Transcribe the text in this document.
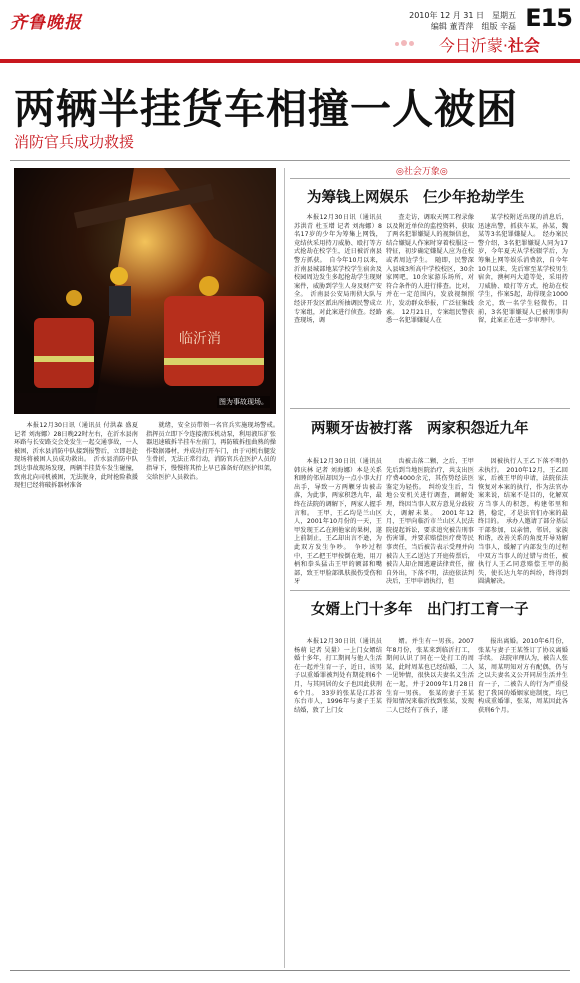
齐鲁晚报	2010年 12 月 31 日　星期五
编辑 董青萍　组版 辛磊 E15
今日沂蒙·社会
两辆半挂货车相撞一人被困
消防官兵成功救援
临沂消
图为事故现场。

本报12月30日讯（通讯员 付洪森 盛夏 记者 刘海娜）28日晚22时左右，在沂水县南环路与长安路交会处发生一起交通事故，一人被困，沂水县消防中队接到报警后，立即赶赴现场将被困人员成功救出。　沂水县消防中队到达事故现场发现，两辆半挂货车发生碰撞，致南北向司机被困，无法脱身，此时抢险救援现但已经将破拆器材准备

就绪，安全员带领一名官兵实施现场警戒。　指挥员立即下令连接液压机动泵，利用液压扩张器迅速破拆半挂车左前门，再防破拆扭曲熟的操作数据器材，并成功打开车门，由于司机右腿发生骨折，无法正常行动，消防官兵在医护人员的指导下，慢慢将其抬上早已准备好的医护担架，交给医护人员救治。

◎社会万象◎
为筹钱上网娱乐　仨少年抢劫学生

本报12月30日讯（通讯员 苏洪青 杜玉增 记者 刘海娜）8名17岁的少年为筹集上网钱，竟结伙采用持刀威胁、殴打等方式抢劫在校学生，近日被沂南县警方抓获。　自今年10月以来，沂南县城部地某学校学生宿舍及校园周边发生多起抢劫学生现财案件，威胁到学生人身及财产安全。　沂南县公安局刑侦大队与经济开发区派出所抽调民警成立专案组，对此案进行侦查。经路查现场，调

查走访，调取天网工程录像以及附近单位的监控资料，获取了两名犯罪嫌疑人的视频信息，结合嫌疑人作案时穿着校服这一特征，初步确定嫌疑人应为在校或者周边学生。　随即，民警深入县城3所高中学校校区，30余家网吧，10余家游乐场所，对符合条件的人进行排查。比对，并在一定范围内，发放视频照片，发动群众举报，广泛征集线索。　12月21日，专案组民警获悉一名犯罪嫌疑人在

某学校附近出现的消息后，迅速出警，抓获车某，孙某，魏某等3名犯罪嫌疑人。　经办案民警介绍，3名犯罪嫌疑人同为17岁，今年夏天从学校辍学后，为筹集上网等娱乐消费款，自今年10月以来，先后窜至某学校男生宿舍，澳柯玛大道等处，采用持刀威胁、殴打等方式，抢劫在校学生，作案5起，劫得现金1000余元，致一名学生轻微伤，目前，3名犯罪嫌疑人已被刑事拘留，此案正在进一步审理中。

两颗牙齿被打落　两家积怨近九年

本报12月30日讯（通讯员 韩庆林 记者 刘海娜）本是关系和睦的邻居却因为一点小事大打出手，导致一方两颗牙齿被击落，为此事，两家积怨九年，最终在法院的调解下，两家人握手言和。　王甲，王乙均是兰山区人，2001年10月份的一天，王甲发现王乙在割他家的果树，遂上前制止，王乙却出言不逊，为此双方发生争吵。　争吵过程中，王乙把王甲按倒在地，用刀柄和拳头猛击王甲的额部和嘴部，致王甲脸部肌肤损伤受伤和牙

齿被击落二颗，之后，王甲先后到当地医院治疗，共支出医疗费4000余元，其伤势经法医鉴定为轻伤。　纠纷发生后，当地公安机关进行调查，调解处理，终因当事人双方意见分歧较大，调解未果。　2001年12月，王甲向临沂市兰山区人民法院提起诉讼，要求追究被告刑事伤害罪，并要求赔偿医疗费等民事责任，当后被告表示受理并向被告人王乙送达了开庭传票后，被告人却企图逃避法律责任，擅自外出，下落不明，法庭依法判决后，王甲申请执行，但

因被执行人王乙下落不明仍未执行。　2010年12月，王乙回家，后被王甲的申请，法院依法恢复对本案的执行，作为法官办案来说，结案不是目的，化解双方当事人的积怨，构建邻里和谐，稳定，才是法官们办案的最终目的。　承办人邀请了部分基层干部参加，以亲情，邻居，家族和谐，改善关系的角度开导劝解当事人，缓解了内部发生的过程中双方当事人的过错与责任，被执行人王乙同意赔偿王甲的损失，使长达九年的纠纷，终得到圆满解决。

女婿上门十多年　出门打工育一子

本报12月30日讯（通讯员 杨萌 记者 吴量）一上门女婿结婚十多年，打工期间与他人生活在一起并生育一子，近日，该男子以重婚罪被判处有期徒刑6个月，与其同居的女子也因此获刑6个月。　33岁的张某是江苏省东台市人，1996年与妻子王某结婚，敦了上门女

婿。并生有一男孩。2007年8月份，张某来到临沂打工，期间认识了同在一处打工的周某，此时周某也已经结婚，二人一见钟情，很快以夫妻名义生活在一起，并于2009年1月28日生育一男孩。　张某的妻子王某得知情况来临沂找到张某，发现二人已经有了孩子，遂

报出离婚。2010年6月份，张某与妻子王某签订了协议离婚手续。　法院审理认为，被告人张某，周某明知对方有配偶，仍与之以夫妻名义公开同居生活并生育一子，二被告人的行为严重侵犯了我国的婚姻家庭制度，均已构成重婚罪，张某，周某因此各获刑6个月。
